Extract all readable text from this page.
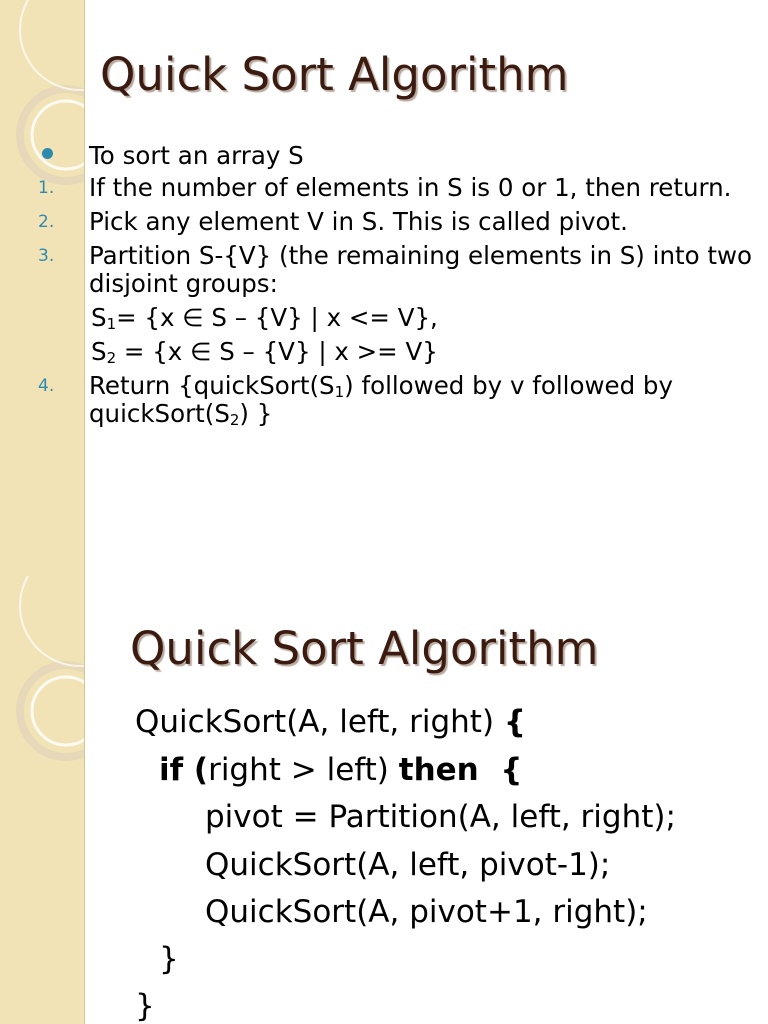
Quick Sort Algorithm
To sort an array S
1. If the number of elements in S is 0 or 1, then return.
2. Pick any element V in S. This is called pivot.
3. Partition S-{V} (the remaining elements in S) into two disjoint groups:
$S_1= \{x$ ∈ S – {V} | x <= V},
$S_2 = \{x$ ∈ S – {V} | x >= V}
4. Return {$quickSort(S_1)$ followed by v followed by $quickSort(S_2)$ }
Quick Sort Algorithm
QuickSort(A, left, right) {
if (right > left) then  {
pivot = Partition(A, left, right);
QuickSort(A, left, pivot-1);
QuickSort(A, pivot+1, right);
}
}
